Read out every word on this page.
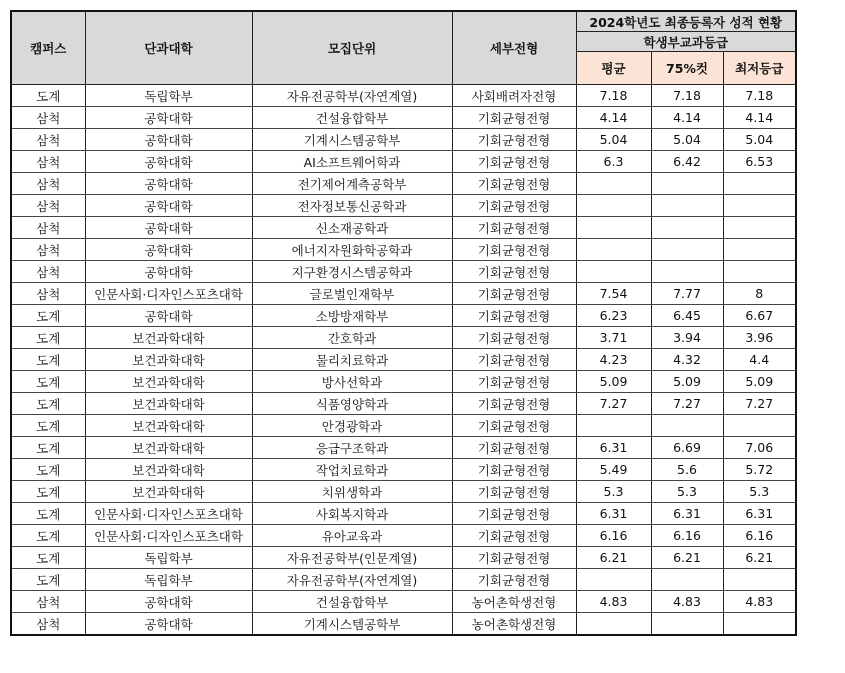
캠퍼스	단과대학	모집단위	세부전형	2024학년도 최종등록자 성적 현황		
				학생부교과등급		
				평균	75%컷	최저등급
도계	독립학부	자유전공학부(자연계열)	사회배려자전형	7.18	7.18	7.18
삼척	공학대학	건설융합학부	기회균형전형	4.14	4.14	4.14
삼척	공학대학	기계시스템공학부	기회균형전형	5.04	5.04	5.04
삼척	공학대학	AI소프트웨어학과	기회균형전형	6.3	6.42	6.53
삼척	공학대학	전기제어계측공학부	기회균형전형			
삼척	공학대학	전자정보통신공학과	기회균형전형			
삼척	공학대학	신소재공학과	기회균형전형			
삼척	공학대학	에너지자원화학공학과	기회균형전형			
삼척	공학대학	지구환경시스템공학과	기회균형전형			
삼척	인문사회·디자인스포츠대학	글로벌인재학부	기회균형전형	7.54	7.77	8
도계	공학대학	소방방재학부	기회균형전형	6.23	6.45	6.67
도계	보건과학대학	간호학과	기회균형전형	3.71	3.94	3.96
도계	보건과학대학	물리치료학과	기회균형전형	4.23	4.32	4.4
도계	보건과학대학	방사선학과	기회균형전형	5.09	5.09	5.09
도계	보건과학대학	식품영양학과	기회균형전형	7.27	7.27	7.27
도계	보건과학대학	안경광학과	기회균형전형			
도계	보건과학대학	응급구조학과	기회균형전형	6.31	6.69	7.06
도계	보건과학대학	작업치료학과	기회균형전형	5.49	5.6	5.72
도계	보건과학대학	치위생학과	기회균형전형	5.3	5.3	5.3
도계	인문사회·디자인스포츠대학	사회복지학과	기회균형전형	6.31	6.31	6.31
도계	인문사회·디자인스포츠대학	유아교육과	기회균형전형	6.16	6.16	6.16
도계	독립학부	자유전공학부(인문계열)	기회균형전형	6.21	6.21	6.21
도계	독립학부	자유전공학부(자연계열)	기회균형전형			
삼척	공학대학	건설융합학부	농어촌학생전형	4.83	4.83	4.83
삼척	공학대학	기계시스템공학부	농어촌학생전형			
